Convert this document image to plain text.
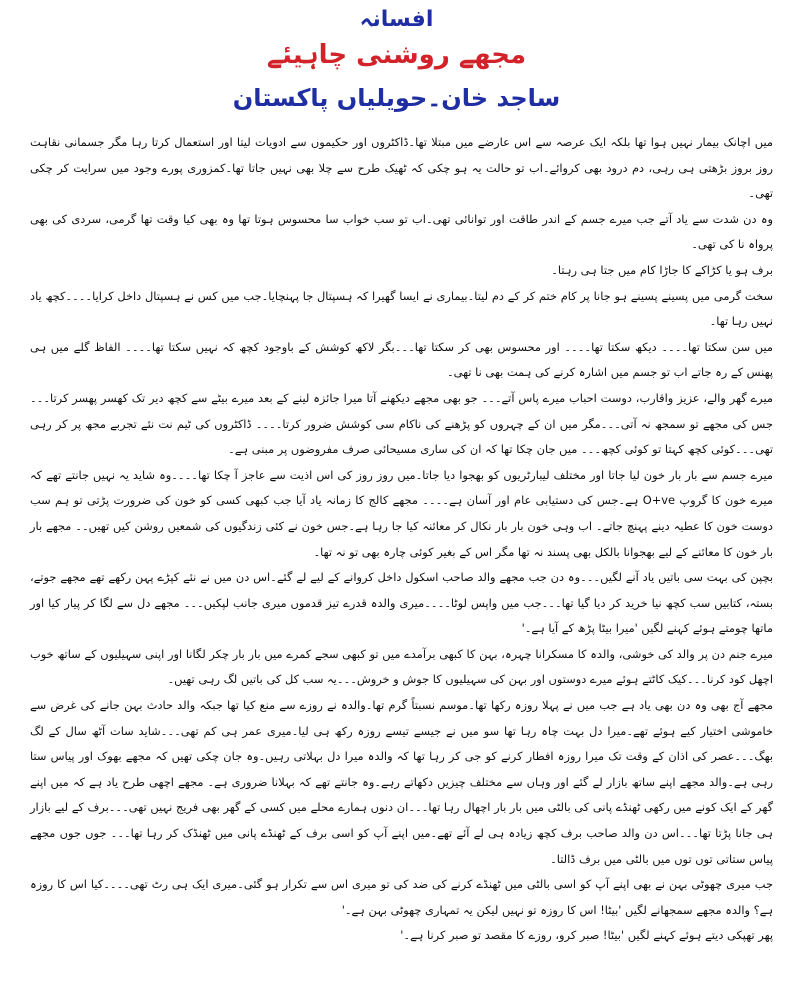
افسانہ
مجھے روشنی چاہیئے
ساجد خان۔حویلیاں پاکستان

میں اچانک بیمار نہیں ہوا تھا بلکہ ایک عرصہ سے اس عارضے میں مبتلا تھا۔ڈاکٹروں اور حکیموں سے ادویات لیتا اور استعمال کرتا رہا مگر جسمانی نقاہت روز بروز بڑھتی ہی رہی، دم درود بھی کروائے۔اب تو حالت یہ ہو چکی کہ ٹھیک طرح سے چلا بھی نہیں جاتا تھا۔کمزوری پورے وجود میں سرایت کر چکی تھی۔

وہ دن شدت سے یاد آتے جب میرے جسم کے اندر طاقت اور توانائی تھی۔اب تو سب خواب سا محسوس ہوتا تھا وہ بھی کیا وقت تھا گرمی، سردی کی بھی پرواہ نا کی تھی۔

برف ہو یا کڑاکے کا جاڑا کام میں جتا ہی رہتا۔

سخت گرمی میں پسینے پسینے ہو جانا پر کام ختم کر کے دم لیتا۔بیماری نے ایسا گھیرا کہ ہسپتال جا پہنچایا۔جب میں کس نے ہسپتال داخل کرایا۔۔۔۔کچھ یاد نہیں رہا تھا۔

میں سن سکتا تھا۔۔۔۔ دیکھ سکتا تھا۔۔۔۔ اور محسوس بھی کر سکتا تھا۔۔۔بگر لاکھ کوشش کے باوجود کچھ کہ نہیں سکتا تھا۔۔۔۔ الفاظ گلے میں ہی پھنس کے رہ جاتے اب تو جسم میں اشارہ کرنے کی ہمت بھی نا تھی۔

میرے گھر والے، عزیز واقارب، دوست احباب میرے پاس آتے۔۔۔ جو بھی مجھے دیکھنے آتا میرا جائزہ لینے کے بعد میرے بیٹے سے کچھ دیر تک کھسر پھسر کرتا۔۔۔ جس کی مجھے تو سمجھ نہ آتی۔۔۔مگر میں ان کے چہروں کو پڑھنے کی ناکام سی کوشش ضرور کرتا۔۔۔۔ ڈاکٹروں کی ٹیم نت نئے تجربے مجھ پر کر رہی تھی۔۔۔کوئی کچھ کہتا تو کوئی کچھ۔۔۔ میں جان چکا تھا کہ ان کی ساری مسیحائی صرف مفروضوں پر مبنی ہے۔

میرے جسم سے بار بار خون لیا جاتا اور مختلف لیبارٹریوں کو بھجوا دیا جاتا۔میں روز روز کی اس اذیت سے عاجز آ چکا تھا۔۔۔۔وہ شاید یہ نہیں جانتے تھے کہ میرے خون کا گروپ O+ve ہے۔جس کی دستیابی عام اور آسان ہے۔۔۔۔ مجھے کالج کا زمانہ یاد آیا جب کبھی کسی کو خون کی ضرورت پڑتی تو ہم سب دوست خون کا عطیہ دینے پہنچ جاتے۔ اب وہی خون بار بار نکال کر معائنہ کیا جا رہا ہے۔جس خون نے کئی زندگیوں کی شمعیں روشن کیں تھیں۔۔ مجھے بار بار خون کا معائنے کے لیے بھجوانا بالکل بھی پسند نہ تھا مگر اس کے بغیر کوئی چارہ بھی تو نہ تھا۔

بچپن کی بہت سی باتیں یاد آنے لگیں۔۔۔وہ دن جب مجھے والد صاحب اسکول داخل کروانے کے لیے لے گئے۔اس دن میں نے نئے کپڑے پہن رکھے تھے مجھے جوتے، بستہ، کتابیں سب کچھ نیا خرید کر دیا گیا تھا۔۔۔جب میں واپس لوٹا۔۔۔۔میری والدہ قدرے تیز قدموں میری جانب لپکیں۔۔۔ مجھے دل سے لگا کر پیار کیا اور ماتھا چومتے ہوئے کہنے لگیں 'میرا بیٹا پڑھ کے آیا ہے۔'

میرے جنم دن پر والد کی خوشی، والدہ کا مسکرانا چہرہ، بہن کا کبھی برآمدے میں تو کبھی سجے کمرے میں بار بار چکر لگانا اور اپنی سہیلیوں کے ساتھ خوب اچھل کود کرنا۔۔۔کیک کاٹتے ہوئے میرے دوستوں اور بہن کی سہیلیوں کا جوش و خروش۔۔۔یہ سب کل کی باتیں لگ رہی تھیں۔

مجھے آج بھی وہ دن بھی یاد ہے جب میں نے پہلا روزہ رکھا تھا۔موسم نسبتاً گرم تھا۔والدہ نے روزے سے منع کیا تھا جبکہ والد حادث بہن جانے کی غرض سے خاموشی اختیار کیے ہوئے تھے۔میرا دل بہت چاہ رہا تھا سو میں نے جیسے تیسے روزہ رکھ ہی لیا۔میری عمر ہی کم تھی۔۔۔شاید سات آٹھ سال کے لگ بھگ۔۔۔عصر کی اذان کے وقت تک میرا روزہ افطار کرنے کو جی کر رہا تھا کہ والدہ میرا دل بہلاتی رہیں۔وہ جان چکی تھیں کہ مجھے بھوک اور پیاس ستا رہی ہے۔والد مجھے اپنے ساتھ بازار لے گئے اور وہاں سے مختلف چیزیں دکھاتے رہے۔وہ جانتے تھے کہ بہلانا ضروری ہے۔ مجھے اچھی طرح یاد ہے کہ میں اپنے گھر کے ایک کونے میں رکھی ٹھنڈے پانی کی بالٹی میں بار بار اچھال رہا تھا۔۔۔ان دنوں ہمارے محلے میں کسی کے گھر بھی فریج نہیں تھی۔۔۔برف کے لیے بازار ہی جانا پڑتا تھا۔۔۔اس دن والد صاحب برف کچھ زیادہ ہی لے آئے تھے۔میں اپنے آپ کو اسی برف کے ٹھنڈے پانی میں ٹھنڈک کر رہا تھا۔۔۔ جوں جوں مجھے پیاس ستاتی توں توں میں بالٹی میں برف ڈالتا۔

جب میری چھوٹی بہن نے بھی اپنے آپ کو اسی بالٹی میں ٹھنڈے کرنے کی ضد کی تو میری اس سے تکرار ہو گئی۔میری ایک ہی رٹ تھی۔۔۔۔کیا اس کا روزہ ہے؟ والدہ مجھے سمجھانے لگیں 'بیٹا! اس کا روزہ تو نہیں لیکن یہ تمہاری چھوٹی بہن ہے۔'

پھر تھپکی دیتے ہوئے کہنے لگیں 'بیٹا! صبر کرو، روزے کا مقصد تو صبر کرنا ہے۔'
